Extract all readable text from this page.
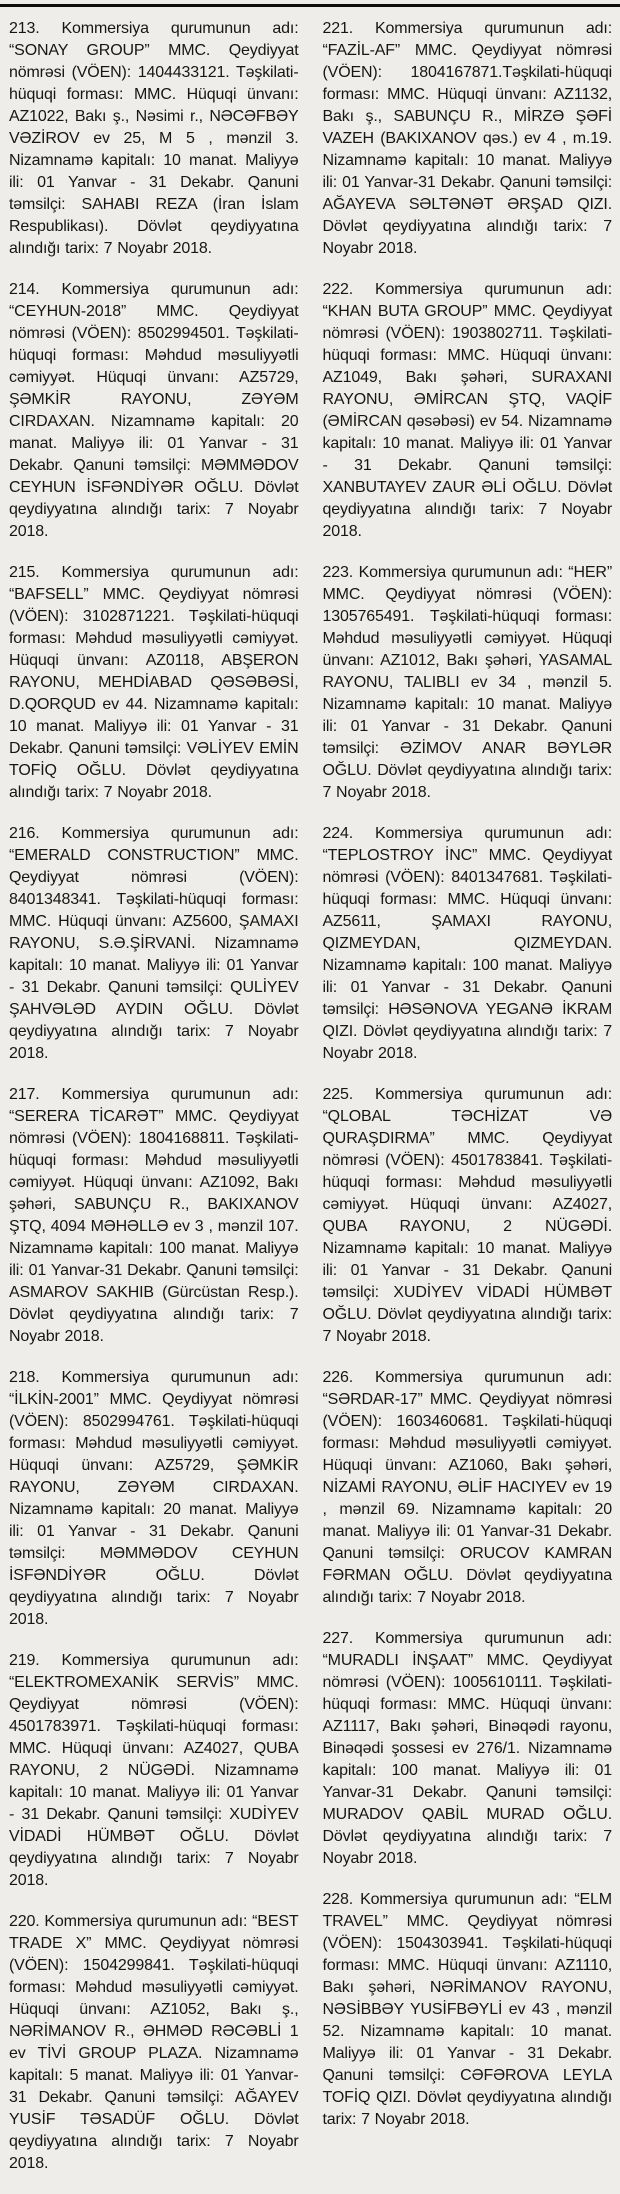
213. Kommersiya qurumunun adı: “SONAY GROUP” MMC. Qeydiyyat nömrəsi (VÖEN): 1404433121. Təşkilati-hüquqi forması: MMC. Hüquqi ünvanı: AZ1022, Bakı ş., Nəsimi r., NƏCƏFBƏY VƏZİROV ev 25, M 5 , mənzil 3. Nizamnamə kapitalı: 10 manat. Maliyyə ili: 01 Yanvar - 31 Dekabr. Qanuni təmsilçi: SAHABI REZA (İran İslam Respublikası). Dövlət qeydiyyatına alındığı tarix: 7 Noyabr 2018.

214. Kommersiya qurumunun adı: “CEYHUN-2018” MMC. Qeydiyyat nömrəsi (VÖEN): 8502994501. Təşkilati-hüquqi forması: Məhdud məsuliyyətli cəmiyyət. Hüquqi ünvanı: AZ5729, ŞƏMKİR RAYONU, ZƏYƏM CIRDAXAN. Nizamnamə kapitalı: 20 manat. Maliyyə ili: 01 Yanvar - 31 Dekabr. Qanuni təmsilçi: MƏMMƏDOV CEYHUN İSFƏNDİYƏR OĞLU. Dövlət qeydiyyatına alındığı tarix: 7 Noyabr 2018.

215. Kommersiya qurumunun adı: “BAFSELL” MMC. Qeydiyyat nömrəsi (VÖEN): 3102871221. Təşkilati-hüquqi forması: Məhdud məsuliyyətli cəmiyyət. Hüquqi ünvanı: AZ0118, ABŞERON RAYONU, MEHDİABAD QƏSƏBƏSİ, D.QORQUD ev 44. Nizamnamə kapitalı: 10 manat. Maliyyə ili: 01 Yanvar - 31 Dekabr. Qanuni təmsilçi: VƏLİYEV EMİN TOFİQ OĞLU. Dövlət qeydiyyatına alındığı tarix: 7 Noyabr 2018.

216. Kommersiya qurumunun adı: “EMERALD CONSTRUCTION” MMC. Qeydiyyat nömrəsi (VÖEN): 8401348341. Təşkilati-hüquqi forması: MMC. Hüquqi ünvanı: AZ5600, ŞAMAXI RAYONU, S.Ə.ŞİRVANİ. Nizamnamə kapitalı: 10 manat. Maliyyə ili: 01 Yanvar - 31 Dekabr. Qanuni təmsilçi: QULİYEV ŞAHVƏLƏD AYDIN OĞLU. Dövlət qeydiyyatına alındığı tarix: 7 Noyabr 2018.

217. Kommersiya qurumunun adı: “SERERA TİCARƏT” MMC. Qeydiyyat nömrəsi (VÖEN): 1804168811. Təşkilati-hüquqi forması: Məhdud məsuliyyətli cəmiyyət. Hüquqi ünvanı: AZ1092, Bakı şəhəri, SABUNÇU R., BAKIXANOV ŞTQ, 4094 MƏHƏLLƏ ev 3 , mənzil 107. Nizamnamə kapitalı: 100 manat. Maliyyə ili: 01 Yanvar-31 Dekabr. Qanuni təmsilçi: ASMAROV SAKHIB (Gürcüstan Resp.). Dövlət qeydiyyatına alındığı tarix: 7 Noyabr 2018.

218. Kommersiya qurumunun adı: “İLKİN-2001” MMC. Qeydiyyat nömrəsi (VÖEN): 8502994761. Təşkilati-hüquqi forması: Məhdud məsuliyyətli cəmiyyət. Hüquqi ünvanı: AZ5729, ŞƏMKİR RAYONU, ZƏYƏM CIRDAXAN. Nizamnamə kapitalı: 20 manat. Maliyyə ili: 01 Yanvar - 31 Dekabr. Qanuni təmsilçi: MƏMMƏDOV CEYHUN İSFƏNDİYƏR OĞLU. Dövlət qeydiyyatına alındığı tarix: 7 Noyabr 2018.

219. Kommersiya qurumunun adı: “ELEKTROMEXANİK SERVİS” MMC. Qeydiyyat nömrəsi (VÖEN): 4501783971. Təşkilati-hüquqi forması: MMC. Hüquqi ünvanı: AZ4027, QUBA RAYONU, 2 NÜGƏDİ. Nizamnamə kapitalı: 10 manat. Maliyyə ili: 01 Yanvar - 31 Dekabr. Qanuni təmsilçi: XUDİYEV VİDADİ HÜMBƏT OĞLU. Dövlət qeydiyyatına alındığı tarix: 7 Noyabr 2018.

220. Kommersiya qurumunun adı: “BEST TRADE X” MMC. Qeydiyyat nömrəsi (VÖEN): 1504299841. Təşkilati-hüquqi forması: Məhdud məsuliyyətli cəmiyyət. Hüquqi ünvanı: AZ1052, Bakı ş., NƏRİMANOV R., ƏHMƏD RƏCƏBLİ 1 ev TİVİ GROUP PLAZA. Nizamnamə kapitalı: 5 manat. Maliyyə ili: 01 Yanvar-31 Dekabr. Qanuni təmsilçi: AĞAYEV YUSİF TƏSADÜF OĞLU. Dövlət qeydiyyatına alındığı tarix: 7 Noyabr 2018.

221. Kommersiya qurumunun adı: “FAZİL-AF” MMC. Qeydiyyat nömrəsi (VÖEN): 1804167871.Təşkilati-hüquqi forması: MMC. Hüquqi ünvanı: AZ1132, Bakı ş., SABUNÇU R., MİRZƏ ŞƏFİ VAZEH (BAKIXANOV qəs.) ev 4 , m.19. Nizamnamə kapitalı: 10 manat. Maliyyə ili: 01 Yanvar-31 Dekabr. Qanuni təmsilçi: AĞAYEVA SƏLTƏNƏT ƏRŞAD QIZI. Dövlət qeydiyyatına alındığı tarix: 7 Noyabr 2018.

222. Kommersiya qurumunun adı: “KHAN BUTA GROUP” MMC. Qeydiyyat nömrəsi (VÖEN): 1903802711. Təşkilati-hüquqi forması: MMC. Hüquqi ünvanı: AZ1049, Bakı şəhəri, SURAXANI RAYONU, ƏMİRCAN ŞTQ, VAQİF (ƏMİRCAN qəsəbəsi) ev 54. Nizamnamə kapitalı: 10 manat. Maliyyə ili: 01 Yanvar - 31 Dekabr. Qanuni təmsilçi: XANBUTAYEV ZAUR ƏLİ OĞLU. Dövlət qeydiyyatına alındığı tarix: 7 Noyabr 2018.

223. Kommersiya qurumunun adı: “HER” MMC. Qeydiyyat nömrəsi (VÖEN): 1305765491. Təşkilati-hüquqi forması: Məhdud məsuliyyətli cəmiyyət. Hüquqi ünvanı: AZ1012, Bakı şəhəri, YASAMAL RAYONU, TALIBLI ev 34 , mənzil 5. Nizamnamə kapitalı: 10 manat. Maliyyə ili: 01 Yanvar - 31 Dekabr. Qanuni təmsilçi: ƏZİMOV ANAR BƏYLƏR OĞLU. Dövlət qeydiyyatına alındığı tarix: 7 Noyabr 2018.

224. Kommersiya qurumunun adı: “TEPLOSTROY İNC” MMC. Qeydiyyat nömrəsi (VÖEN): 8401347681. Təşkilati-hüquqi forması: MMC. Hüquqi ünvanı: AZ5611, ŞAMAXI RAYONU, QIZMEYDAN, QIZMEYDAN. Nizamnamə kapitalı: 100 manat. Maliyyə ili: 01 Yanvar - 31 Dekabr. Qanuni təmsilçi: HƏSƏNOVA YEGANƏ İKRAM QIZI. Dövlət qeydiyyatına alındığı tarix: 7 Noyabr 2018.

225. Kommersiya qurumunun adı: “QLOBAL TƏCHİZAT VƏ QURAŞDIRMA” MMC. Qeydiyyat nömrəsi (VÖEN): 4501783841. Təşkilati-hüquqi forması: Məhdud məsuliyyətli cəmiyyət. Hüquqi ünvanı: AZ4027, QUBA RAYONU, 2 NÜGƏDİ. Nizamnamə kapitalı: 10 manat. Maliyyə ili: 01 Yanvar - 31 Dekabr. Qanuni təmsilçi: XUDİYEV VİDADİ HÜMBƏT OĞLU. Dövlət qeydiyyatına alındığı tarix: 7 Noyabr 2018.

226. Kommersiya qurumunun adı: “SƏRDAR-17” MMC. Qeydiyyat nömrəsi (VÖEN): 1603460681. Təşkilati-hüquqi forması: Məhdud məsuliyyətli cəmiyyət. Hüquqi ünvanı: AZ1060, Bakı şəhəri, NİZAMİ RAYONU, ƏLİF HACIYEV ev 19 , mənzil 69. Nizamnamə kapitalı: 20 manat. Maliyyə ili: 01 Yanvar-31 Dekabr. Qanuni təmsilçi: ORUCOV KAMRAN FƏRMAN OĞLU. Dövlət qeydiyyatına alındığı tarix: 7 Noyabr 2018.

227. Kommersiya qurumunun adı: “MURADLI İNŞAAT” MMC. Qeydiyyat nömrəsi (VÖEN): 1005610111. Təşkilati-hüquqi forması: MMC. Hüquqi ünvanı: AZ1117, Bakı şəhəri, Binəqədi rayonu, Binəqədi şossesi ev 276/1. Nizamnamə kapitalı: 100 manat. Maliyyə ili: 01 Yanvar-31 Dekabr. Qanuni təmsilçi: MURADOV QABİL MURAD OĞLU. Dövlət qeydiyyatına alındığı tarix: 7 Noyabr 2018.

228. Kommersiya qurumunun adı: “ELM TRAVEL” MMC. Qeydiyyat nömrəsi (VÖEN): 1504303941. Təşkilati-hüquqi forması: MMC. Hüquqi ünvanı: AZ1110, Bakı şəhəri, NƏRİMANOV RAYONU, NƏSİBBƏY YUSİFBƏYLİ ev 43 , mənzil 52. Nizamnamə kapitalı: 10 manat. Maliyyə ili: 01 Yanvar - 31 Dekabr. Qanuni təmsilçi: CƏFƏROVA LEYLA TOFİQ QIZI. Dövlət qeydiyyatına alındığı tarix: 7 Noyabr 2018.
